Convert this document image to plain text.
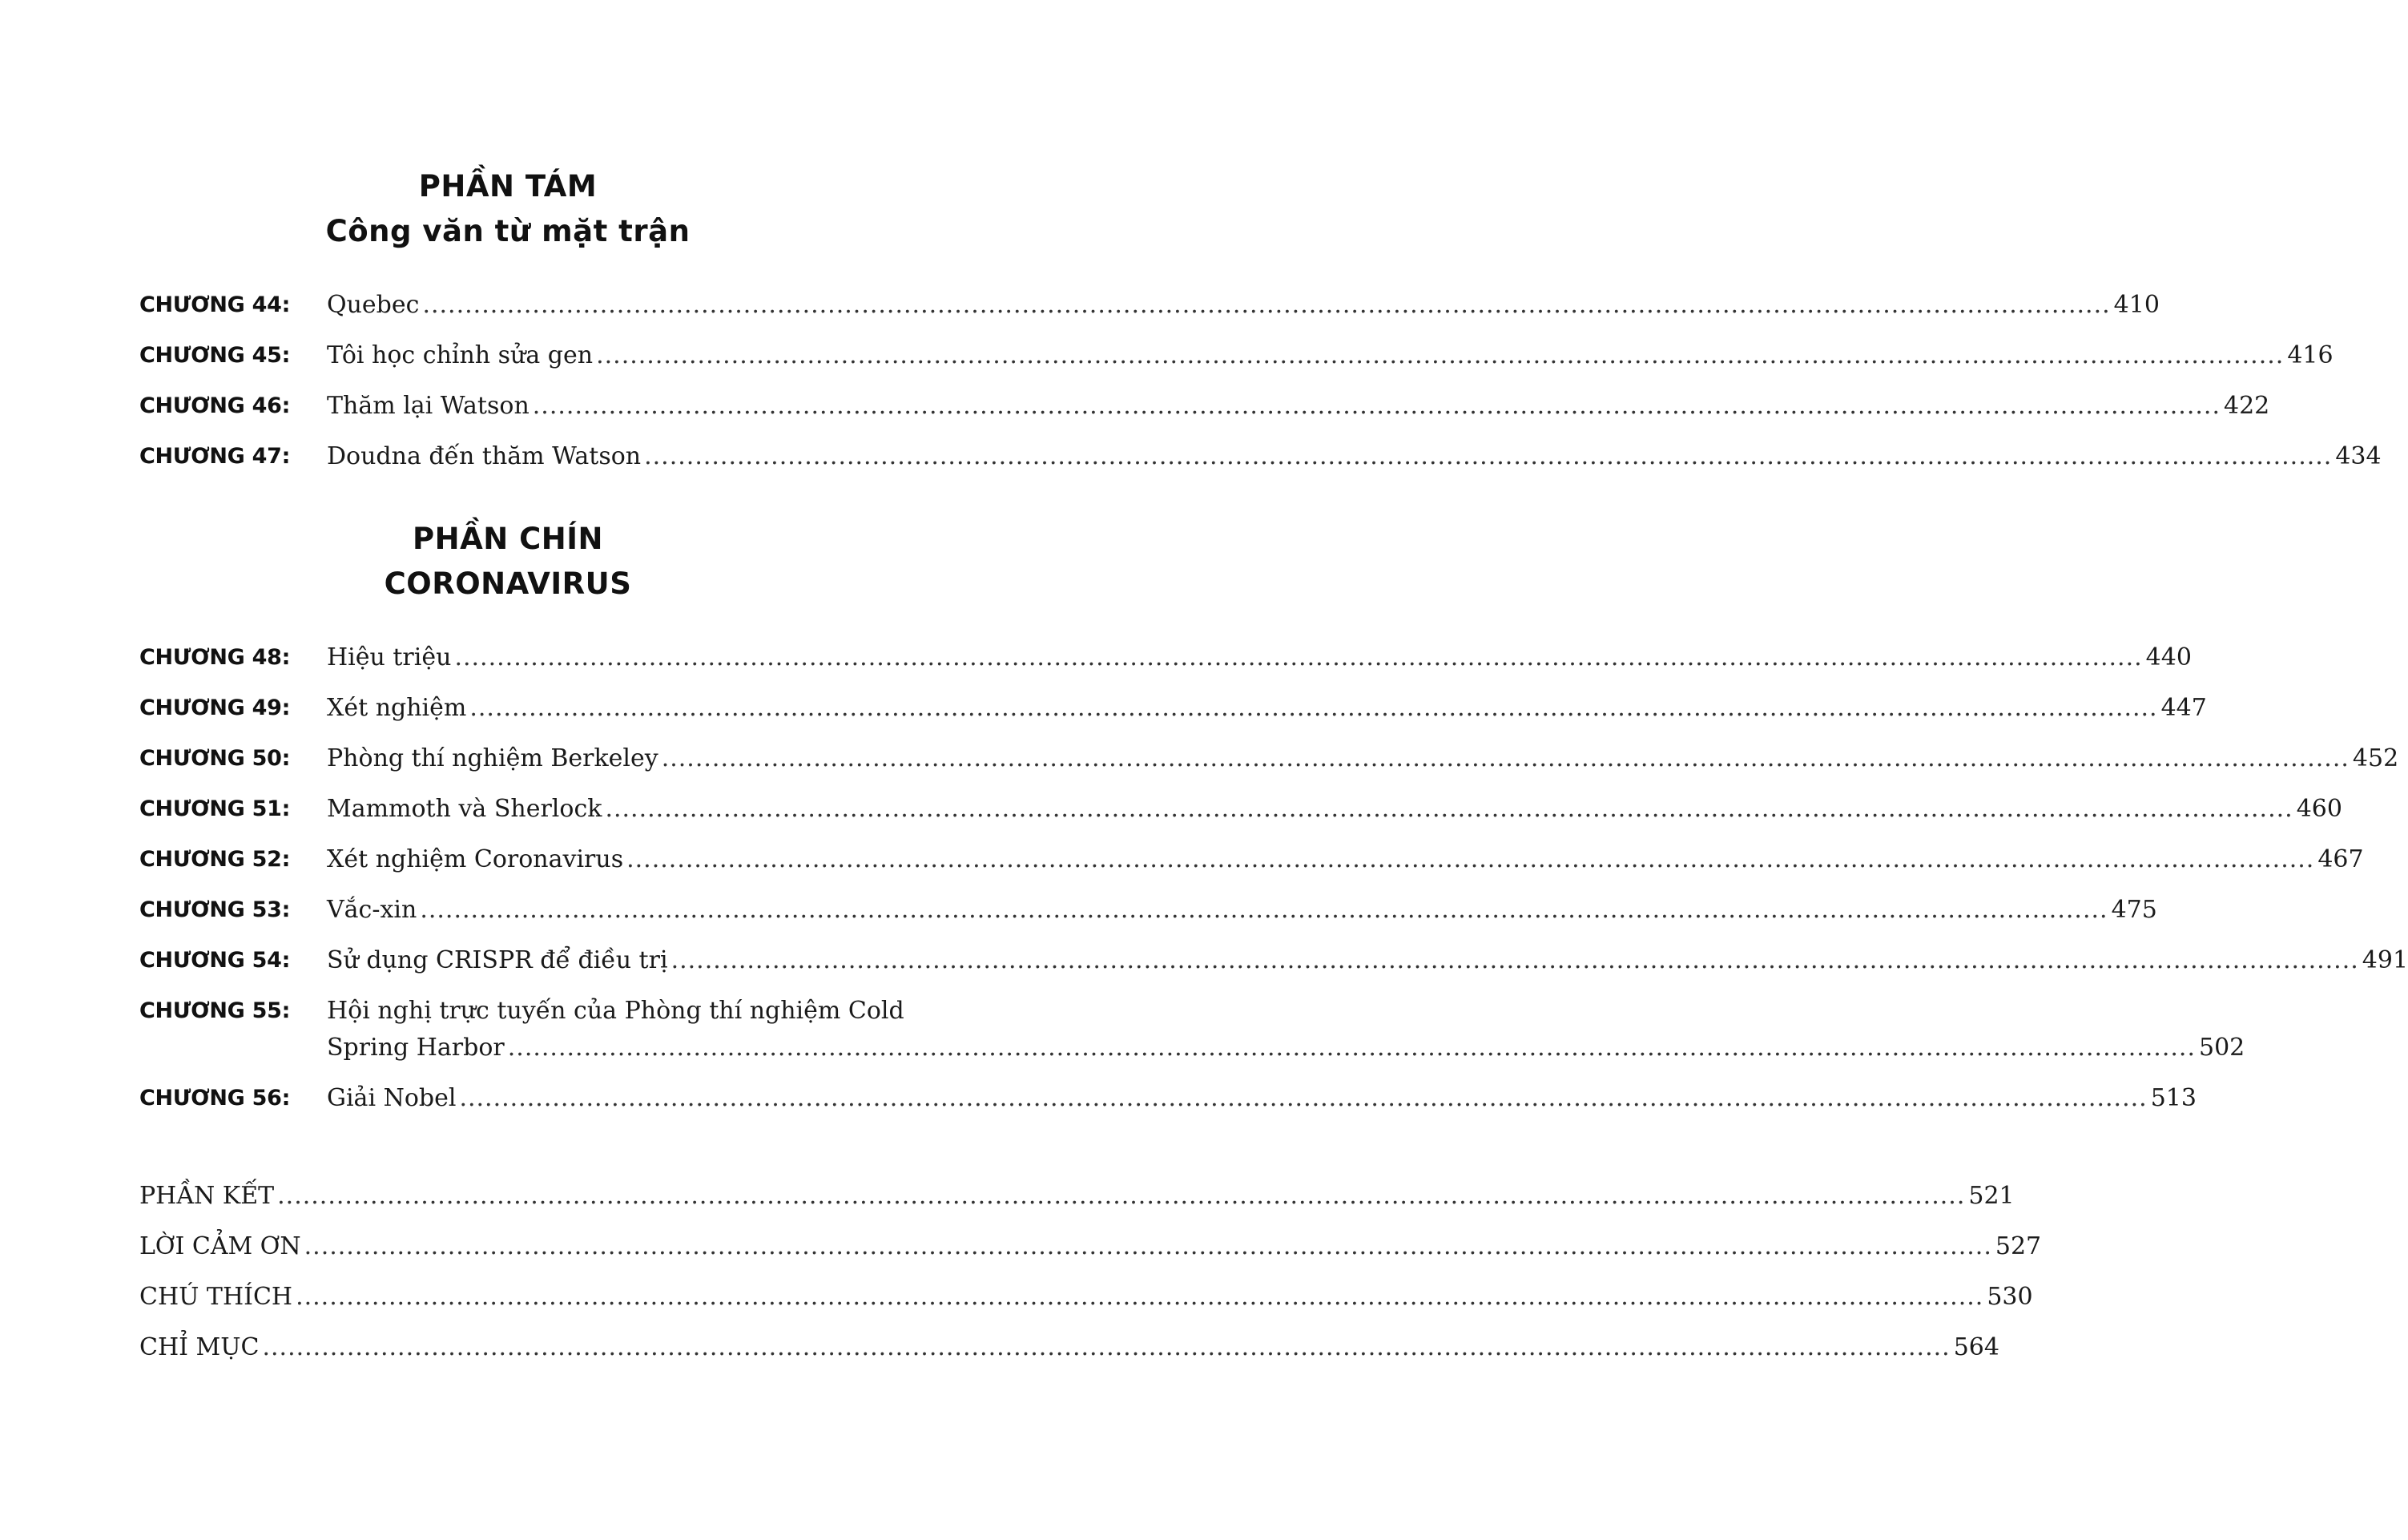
PHẦN TÁM
Công văn từ mặt trận
CHƯƠNG 44:	Quebec .....	410
CHƯƠNG 45:	Tôi học chỉnh sửa gen .....	416
CHƯƠNG 46:	Thăm lại Watson .....	422
CHƯƠNG 47:	Doudna đến thăm Watson .....	434
PHẦN CHÍN
CORONAVIRUS
CHƯƠNG 48:	Hiệu triệu .....	440
CHƯƠNG 49:	Xét nghiệm .....	447
CHƯƠNG 50:	Phòng thí nghiệm Berkeley .....	452
CHƯƠNG 51:	Mammoth và Sherlock .....	460
CHƯƠNG 52:	Xét nghiệm Coronavirus .....	467
CHƯƠNG 53:	Vắc-xin .....	475
CHƯƠNG 54:	Sử dụng CRISPR để điều trị .....	491
CHƯƠNG 55:	Hội nghị trực tuyến của Phòng thí nghiệm Cold
Spring Harbor .....	502
CHƯƠNG 56:	Giải Nobel .....	513
PHẦN KẾT .....	521
LỜI CẢM ƠN .....	527
CHÚ THÍCH .....	530
CHỈ MỤC .....	564
